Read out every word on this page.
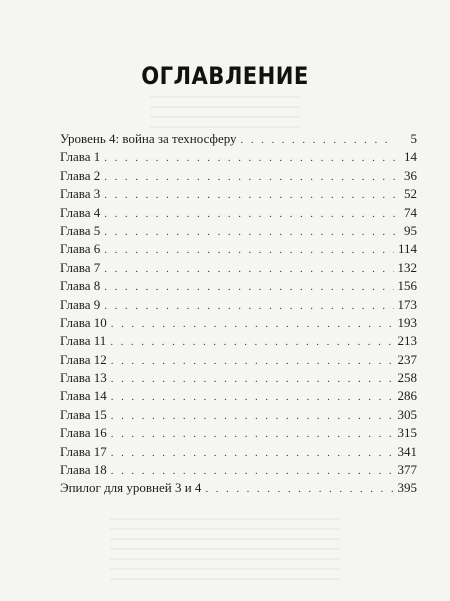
ОГЛАВЛЕНИЕ
Уровень 4: война за техносферу . . .	5
Глава 1 . . .	14
Глава 2 . . .	36
Глава 3 . . .	52
Глава 4 . . .	74
Глава 5 . . .	95
Глава 6 . . .	114
Глава 7 . . .	132
Глава 8 . . .	156
Глава 9 . . .	173
Глава 10 . . .	193
Глава 11 . . .	213
Глава 12 . . .	237
Глава 13 . . .	258
Глава 14 . . .	286
Глава 15 . . .	305
Глава 16 . . .	315
Глава 17 . . .	341
Глава 18 . . .	377
Эпилог для уровней 3 и 4 . . .	395
